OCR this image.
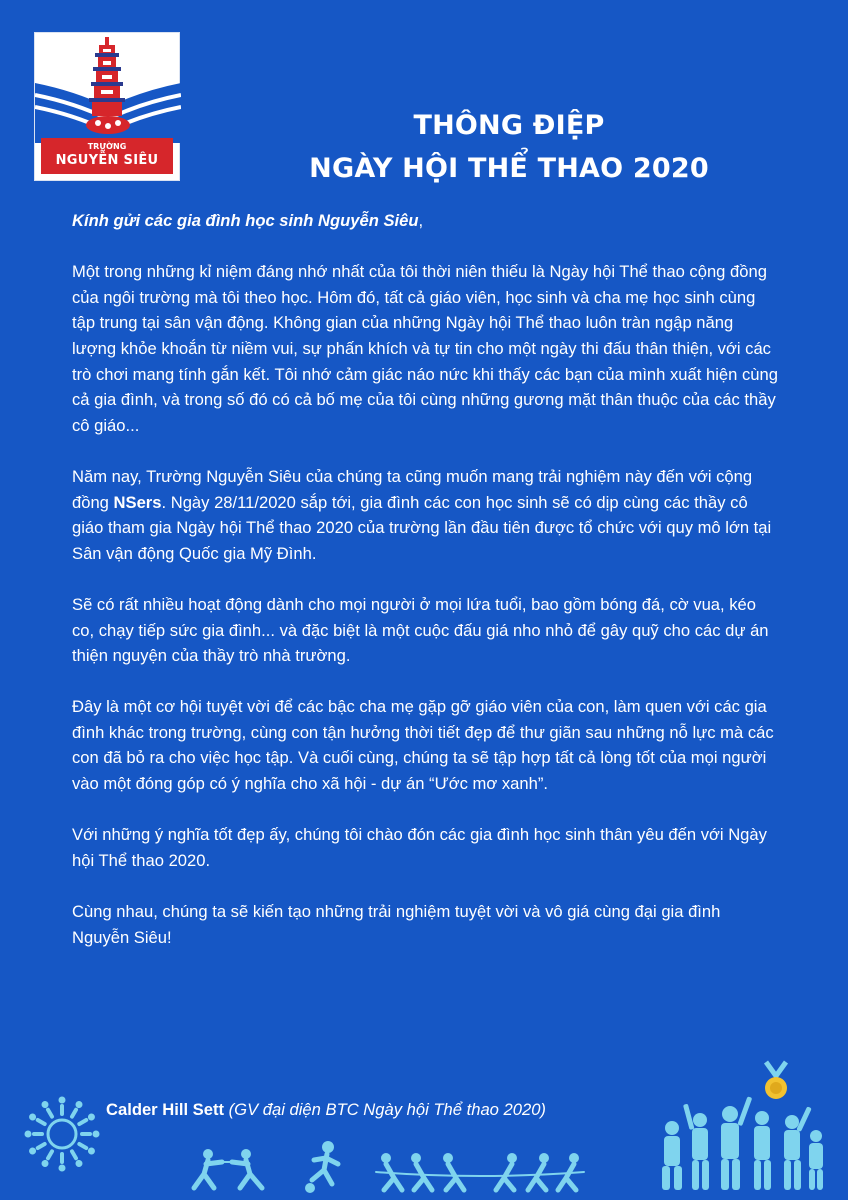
TRƯỜNG
NGUYỄN SIÊU
THÔNG ĐIỆP
NGÀY HỘI THỂ THAO 2020

Kính gửi các gia đình học sinh Nguyễn Siêu,

Một trong những kỉ niệm đáng nhớ nhất của tôi thời niên thiếu là Ngày hội Thể thao cộng đồng của ngôi trường mà tôi theo học. Hôm đó, tất cả giáo viên, học sinh và cha mẹ học sinh cùng tập trung tại sân vận động. Không gian của những Ngày hội Thể thao luôn tràn ngập năng lượng khỏe khoắn từ niềm vui, sự phấn khích và tự tin cho một ngày thi đấu thân thiện, với các trò chơi mang tính gắn kết. Tôi nhớ cảm giác náo nức khi thấy các bạn của mình xuất hiện cùng cả gia đình, và trong số đó có cả bố mẹ của tôi cùng những gương mặt thân thuộc của các thầy cô giáo...

Năm nay, Trường Nguyễn Siêu của chúng ta cũng muốn mang trải nghiệm này đến với cộng đồng NSers. Ngày 28/11/2020 sắp tới, gia đình các con học sinh sẽ có dịp cùng các thầy cô giáo tham gia Ngày hội Thể thao 2020 của trường lần đầu tiên được tổ chức với quy mô lớn tại Sân vận động Quốc gia Mỹ Đình.

Sẽ có rất nhiều hoạt động dành cho mọi người ở mọi lứa tuổi, bao gồm bóng đá, cờ vua, kéo co, chạy tiếp sức gia đình... và đặc biệt là một cuộc đấu giá nho nhỏ để gây quỹ cho các dự án thiện nguyện của thầy trò nhà trường.

Đây là một cơ hội tuyệt vời để các bậc cha mẹ gặp gỡ giáo viên của con, làm quen với các gia đình khác trong trường, cùng con tận hưởng thời tiết đẹp để thư giãn sau những nỗ lực mà các con đã bỏ ra cho việc học tập. Và cuối cùng, chúng ta sẽ tập hợp tất cả lòng tốt của mọi người vào một đóng góp có ý nghĩa cho xã hội - dự án “Ước mơ xanh”.

Với những ý nghĩa tốt đẹp ấy, chúng tôi chào đón các gia đình học sinh thân yêu đến với Ngày hội Thể thao 2020.

Cùng nhau, chúng ta sẽ kiến tạo những trải nghiệm tuyệt vời và vô giá cùng đại gia đình Nguyễn Siêu!

Calder Hill Sett (GV đại diện BTC Ngày hội Thể thao 2020)
